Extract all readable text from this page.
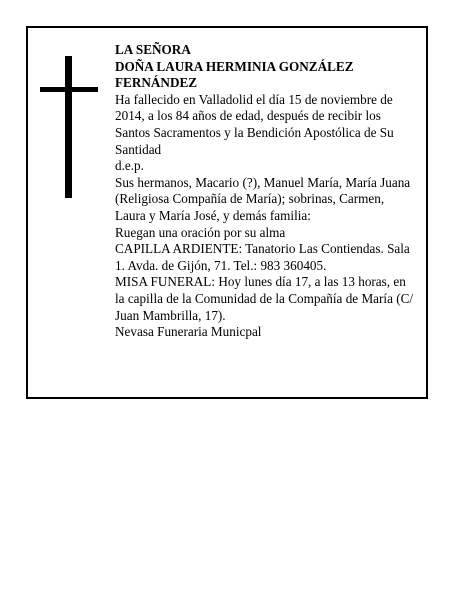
LA SEÑORA

DOÑA LAURA HERMINIA GONZÁLEZ FERNÁNDEZ

Ha fallecido en Valladolid el día 15 de noviembre de 2014, a los 84 años de edad, después de recibir los Santos Sacramentos y la Bendición Apostólica de Su Santidad

d.e.p.

Sus hermanos, Macario (?), Manuel María, María Juana (Religiosa Compañía de María); sobrinas, Carmen, Laura y María José, y demás familia:

Ruegan una oración por su alma

CAPILLA ARDIENTE: Tanatorio Las Contiendas. Sala 1. Avda. de Gijón, 71. Tel.: 983 360405.

MISA FUNERAL: Hoy lunes día 17, a las 13 horas, en la capilla de la Comunidad de la Compañía de María (C/ Juan Mambrilla, 17).

Nevasa Funeraria Municpal
